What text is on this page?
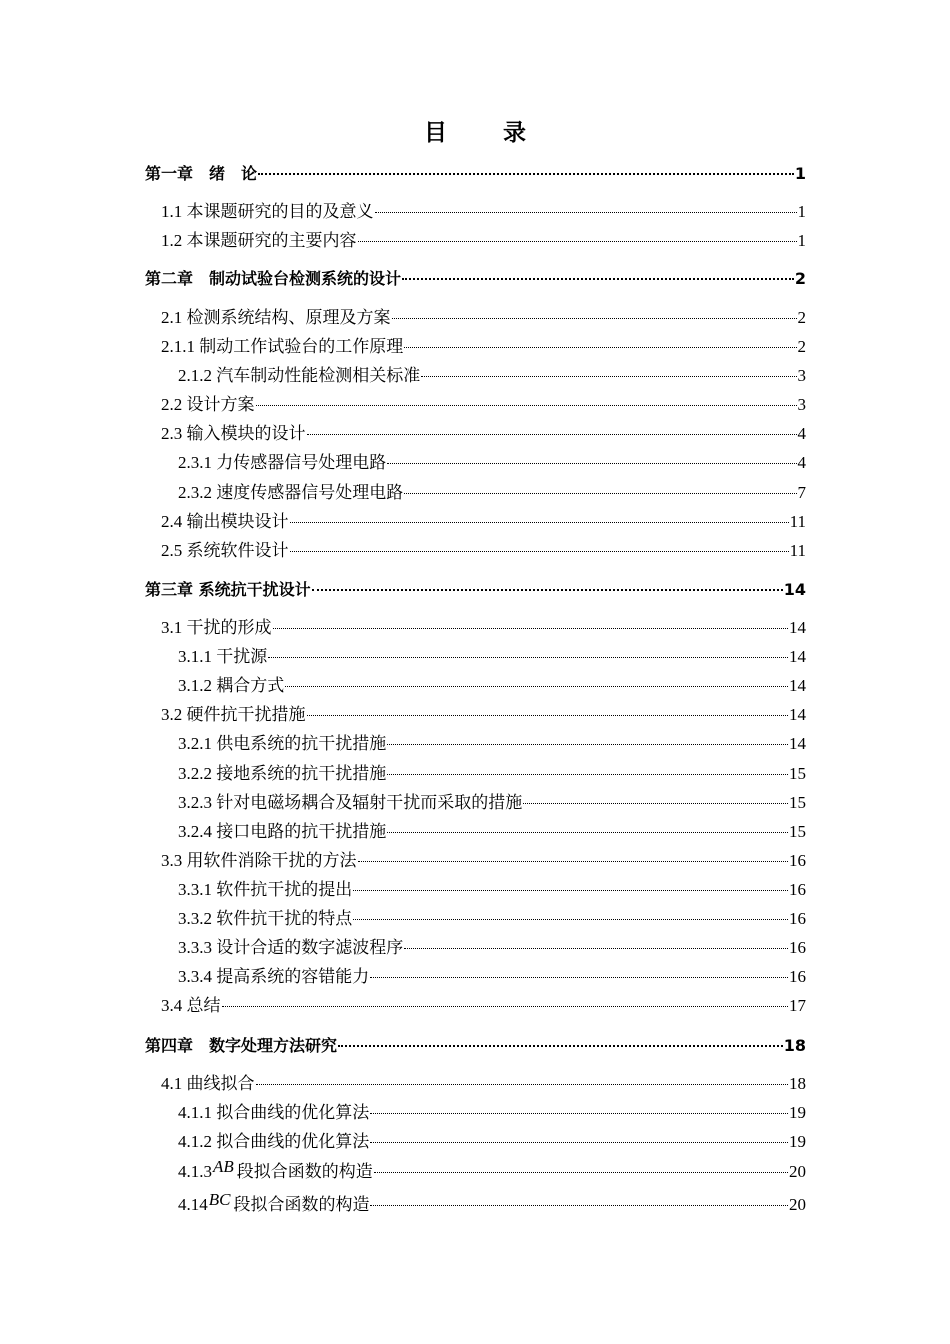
目 录
第一章　绪　论	1
1.1 本课题研究的目的及意义	1
1.2 本课题研究的主要内容	1
第二章　制动试验台检测系统的设计	2
2.1 检测系统结构、原理及方案	2
2.1.1 制动工作试验台的工作原理	2
2.1.2 汽车制动性能检测相关标准	3
2.2 设计方案	3
2.3 输入模块的设计	4
2.3.1 力传感器信号处理电路	4
2.3.2 速度传感器信号处理电路	7
2.4 输出模块设计	11
2.5 系统软件设计	11
第三章 系统抗干扰设计	14
3.1 干扰的形成	14
3.1.1 干扰源	14
3.1.2 耦合方式	14
3.2 硬件抗干扰措施	14
3.2.1 供电系统的抗干扰措施	14
3.2.2 接地系统的抗干扰措施	15
3.2.3 针对电磁场耦合及辐射干扰而采取的措施	15
3.2.4 接口电路的抗干扰措施	15
3.3 用软件消除干扰的方法	16
3.3.1 软件抗干扰的提出	16
3.3.2 软件抗干扰的特点	16
3.3.3 设计合适的数字滤波程序	16
3.3.4 提高系统的容错能力	16
3.4 总结	17
第四章　数字处理方法研究	18
4.1 曲线拟合	18
4.1.1 拟合曲线的优化算法	19
4.1.2 拟合曲线的优化算法	19
4.1.3AB 段拟合函数的构造	20
4.14BC 段拟合函数的构造	20
